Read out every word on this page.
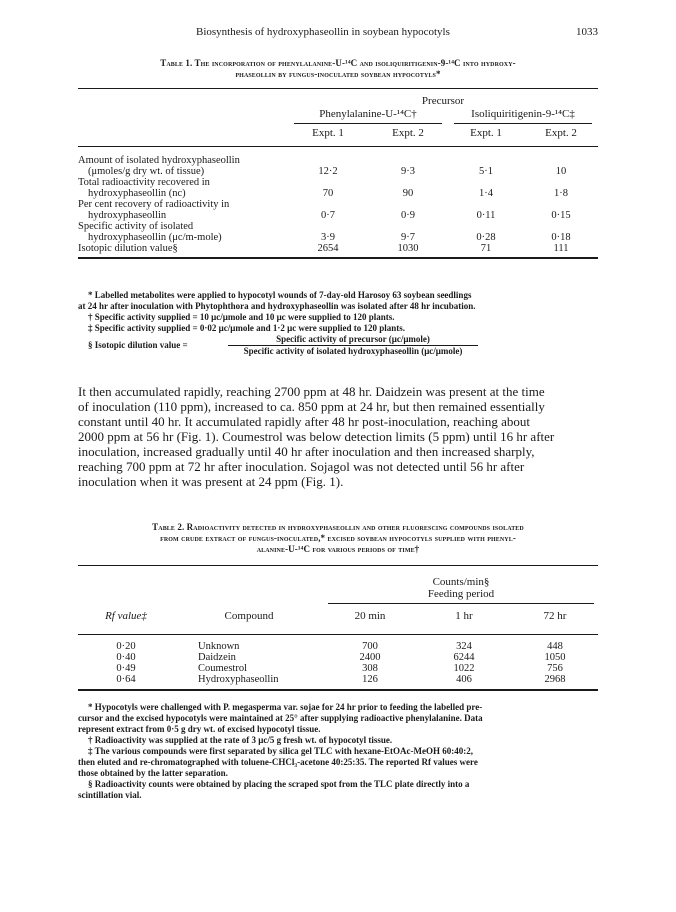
Biosynthesis of hydroxyphaseollin in soybean hypocotyls	1033
Table 1. The incorporation of phenylalanine-U-¹⁴C and isoliquiritigenin-9-¹⁴C into hydroxy-
phaseollin by fungus-inoculated soybean hypocotyls*
	Precursor			
	Phenylalanine-U-¹⁴C†		Isoliquiritigenin-9-¹⁴C‡	

	Expt. 1	Expt. 2	Expt. 1	Expt. 2
Amount of isolated hydroxyphaseollin				
(μmoles/g dry wt. of tissue)	12·2	9·3	5·1	10
Total radioactivity recovered in				
hydroxyphaseollin (nc)	70	90	1·4	1·8
Per cent recovery of radioactivity in				
hydroxyphaseollin	0·7	0·9	0·11	0·15
Specific activity of isolated				
hydroxyphaseollin (μc/m-mole)	3·9	9·7	0·28	0·18
Isotopic dilution value§	2654	1030	71	111

* Labelled metabolites were applied to hypocotyl wounds of 7-day-old Harosoy 63 soybean seedlings

at 24 hr after inoculation with Phytophthora and hydroxyphaseollin was isolated after 48 hr incubation.

† Specific activity supplied = 10 μc/μmole and 10 μc were supplied to 120 plants.

‡ Specific activity supplied = 0·02 μc/μmole and 1·2 μc were supplied to 120 plants.

§ Isotopic dilution value =
Specific activity of precursor (μc/μmole)
Specific activity of isolated hydroxyphaseollin (μc/μmole)
It then accumulated rapidly, reaching 2700 ppm at 48 hr. Daidzein was present at the time
of inoculation (110 ppm), increased to ca. 850 ppm at 24 hr, but then remained essentially
constant until 40 hr. It accumulated rapidly after 48 hr post-inoculation, reaching about
2000 ppm at 56 hr (Fig. 1). Coumestrol was below detection limits (5 ppm) until 16 hr after
inoculation, increased gradually until 40 hr after inoculation and then increased sharply,
reaching 700 ppm at 72 hr after inoculation. Sojagol was not detected until 56 hr after
inoculation when it was present at 24 ppm (Fig. 1).
Table 2. Radioactivity detected in hydroxyphaseollin and other fluorescing compounds isolated
from crude extract of fungus-inoculated,* excised soybean hypocotyls supplied with phenyl-
alanine-U-¹⁴C for various periods of time†
		Counts/min§		
		Feeding period		

Rf value‡	Compound	20 min	1 hr	72 hr
0·20	Unknown	700	324	448
0·40	Daidzein	2400	6244	1050
0·49	Coumestrol	308	1022	756
0·64	Hydroxyphaseollin	126	406	2968

* Hypocotyls were challenged with P. megasperma var. sojae for 24 hr prior to feeding the labelled pre-

cursor and the excised hypocotyls were maintained at 25° after supplying radioactive phenylalanine. Data

represent extract from 0·5 g dry wt. of excised hypocotyl tissue.

† Radioactivity was supplied at the rate of 3 μc/5 g fresh wt. of hypocotyl tissue.

‡ The various compounds were first separated by silica gel TLC with hexane-EtOAc-MeOH 60:40:2,

then eluted and re-chromatographed with toluene-CHCl₃-acetone 40:25:35. The reported Rf values were

those obtained by the latter separation.

§ Radioactivity counts were obtained by placing the scraped spot from the TLC plate directly into a

scintillation vial.
